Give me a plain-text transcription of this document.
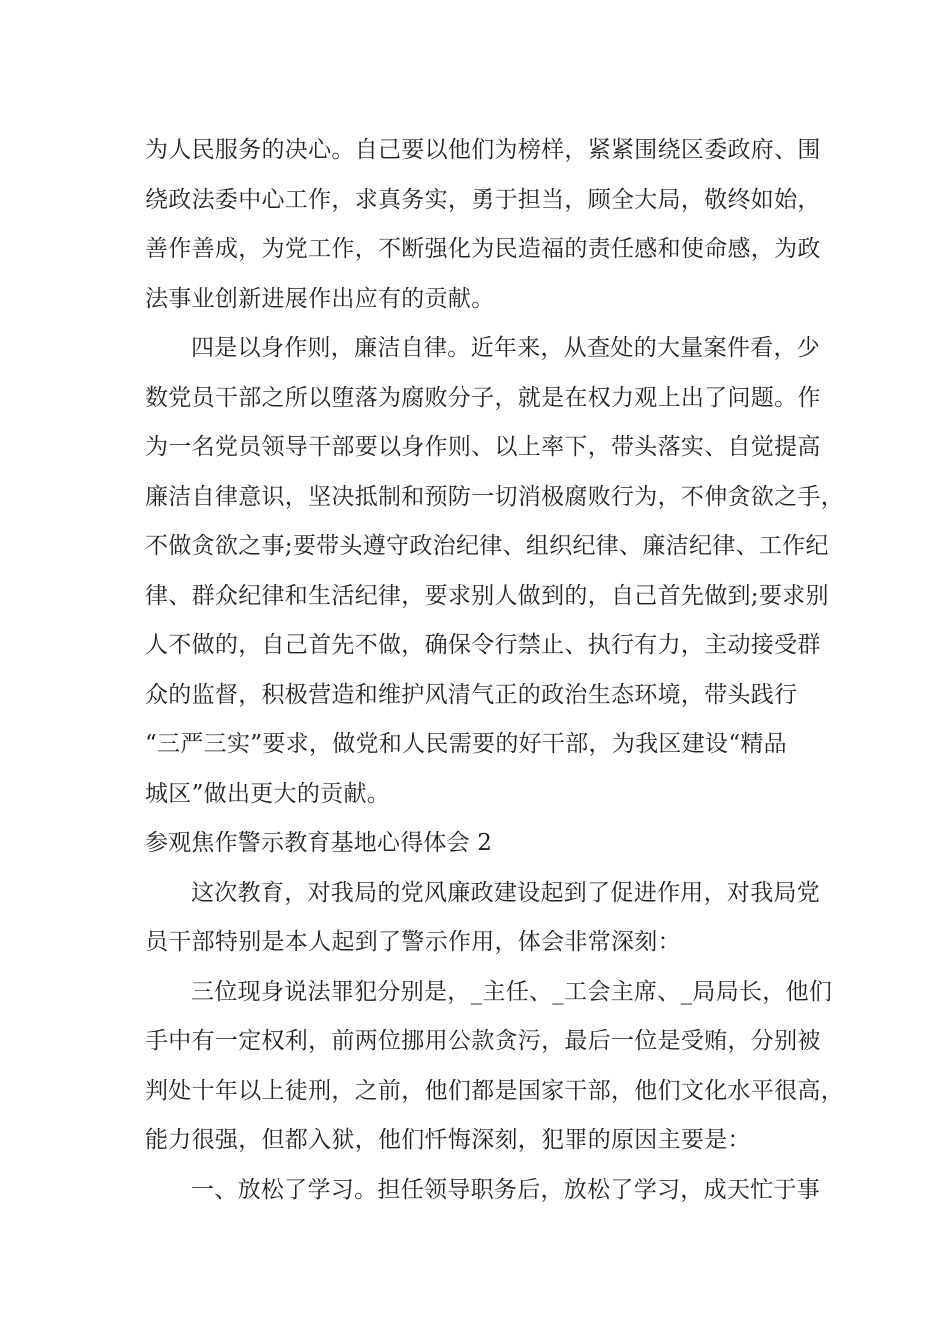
为人民服务的决心。自己要以他们为榜样，紧紧围绕区委政府、围
绕政法委中心工作，求真务实，勇于担当，顾全大局，敬终如始，
善作善成，为党工作，不断强化为民造福的责任感和使命感，为政
法事业创新进展作出应有的贡献。
四是以身作则，廉洁自律。近年来，从查处的大量案件看，少
数党员干部之所以堕落为腐败分子，就是在权力观上出了问题。作
为一名党员领导干部要以身作则、以上率下，带头落实、自觉提高
廉洁自律意识，坚决抵制和预防一切消极腐败行为，不伸贪欲之手，
不做贪欲之事;要带头遵守政治纪律、组织纪律、廉洁纪律、工作纪
律、群众纪律和生活纪律，要求别人做到的，自己首先做到;要求别
人不做的，自己首先不做，确保令行禁止、执行有力，主动接受群
众的监督，积极营造和维护风清气正的政治生态环境，带头践行
“三严三实”要求，做党和人民需要的好干部，为我区建设“精品
城区”做出更大的贡献。
参观焦作警示教育基地心得体会 2
这次教育，对我局的党风廉政建设起到了促进作用，对我局党
员干部特别是本人起到了警示作用，体会非常深刻：
三位现身说法罪犯分别是，_主任、_工会主席、_局局长，他们
手中有一定权利，前两位挪用公款贪污，最后一位是受贿，分别被
判处十年以上徒刑，之前，他们都是国家干部，他们文化水平很高，
能力很强，但都入狱，他们忏悔深刻，犯罪的原因主要是：
一、放松了学习。担任领导职务后，放松了学习，成天忙于事
